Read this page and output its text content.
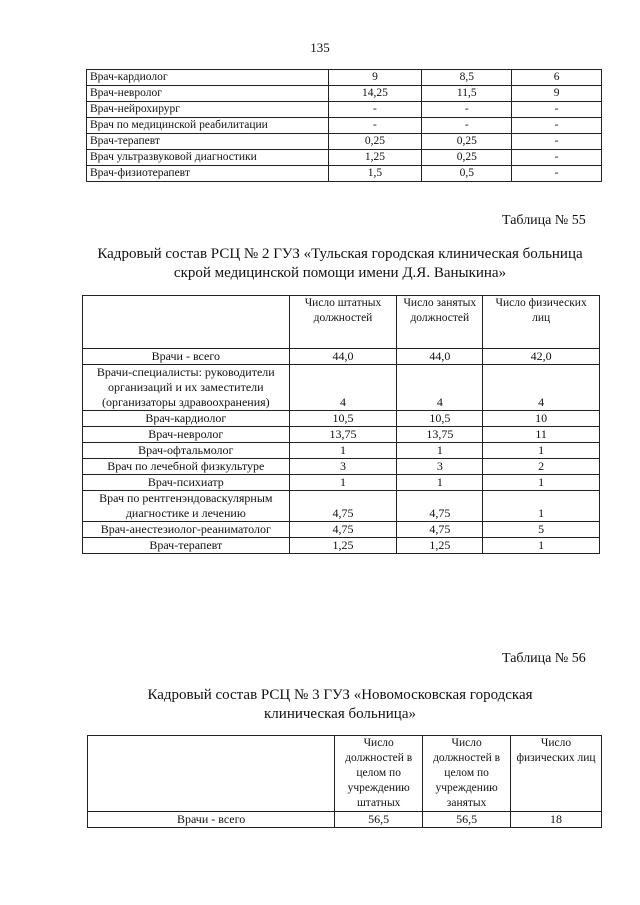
135
Врач-кардиолог	9	8,5	6
Врач-невролог	14,25	11,5	9
Врач-нейрохирург	-	-	-
Врач по медицинской реабилитации	-	-	-
Врач-терапевт	0,25	0,25	-
Врач ультразвуковой диагностики	1,25	0,25	-
Врач-физиотерапевт	1,5	0,5	-
Таблица № 55
Кадровый состав РСЦ № 2 ГУЗ «Тульская городская клиническая больница
скрой медицинской помощи имени Д.Я. Ваныкина»
	Число штатных должностей	Число занятых должностей	Число физических лиц
Врачи - всего	44,0	44,0	42,0
Врачи-специалисты: руководители организаций и их заместители (организаторы здравоохранения)	4	4	4
Врач-кардиолог	10,5	10,5	10
Врач-невролог	13,75	13,75	11
Врач-офтальмолог	1	1	1
Врач по лечебной физкультуре	3	3	2
Врач-психиатр	1	1	1
Врач по рентгенэндоваскулярным диагностике и лечению	4,75	4,75	1
Врач-анестезиолог-реаниматолог	4,75	4,75	5
Врач-терапевт	1,25	1,25	1
Таблица № 56
Кадровый состав РСЦ № 3 ГУЗ «Новомосковская городская
клиническая больница»
	Число должностей в целом по учреждению штатных	Число должностей в целом по учреждению занятых	Число физических лиц
Врачи - всего	56,5	56,5	18
